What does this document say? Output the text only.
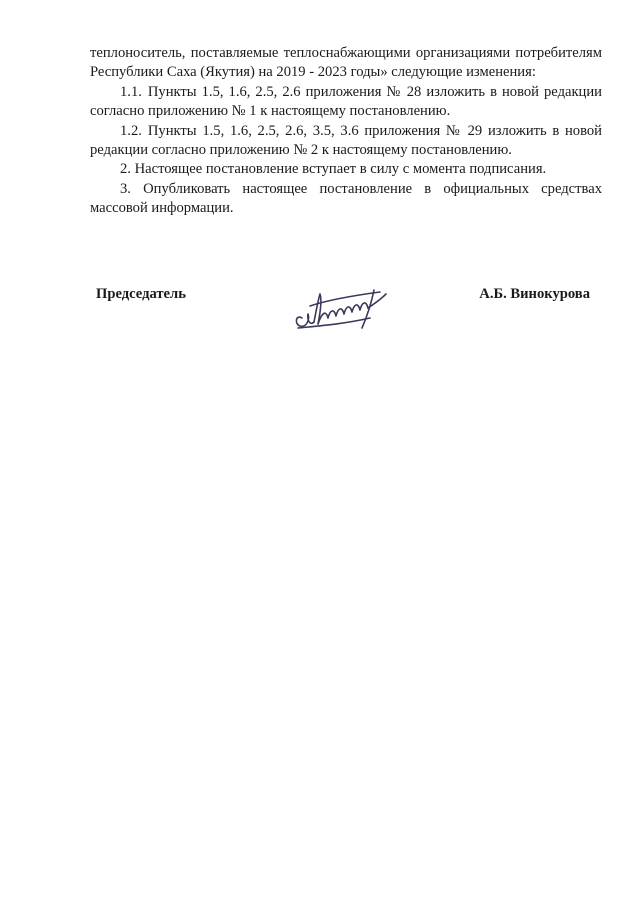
теплоноситель, поставляемые теплоснабжающими организациями потребителям Республики Саха (Якутия) на 2019 - 2023 годы» следующие изменения:

1.1. Пункты 1.5, 1.6, 2.5, 2.6 приложения № 28 изложить в новой редакции согласно приложению № 1 к настоящему постановлению.

1.2. Пункты 1.5, 1.6, 2.5, 2.6, 3.5, 3.6 приложения № 29 изложить в новой редакции согласно приложению № 2 к настоящему постановлению.

2. Настоящее постановление вступает в силу с момента подписания.

3. Опубликовать настоящее постановление в официальных средствах массовой информации.

Председатель	А.Б. Винокурова
